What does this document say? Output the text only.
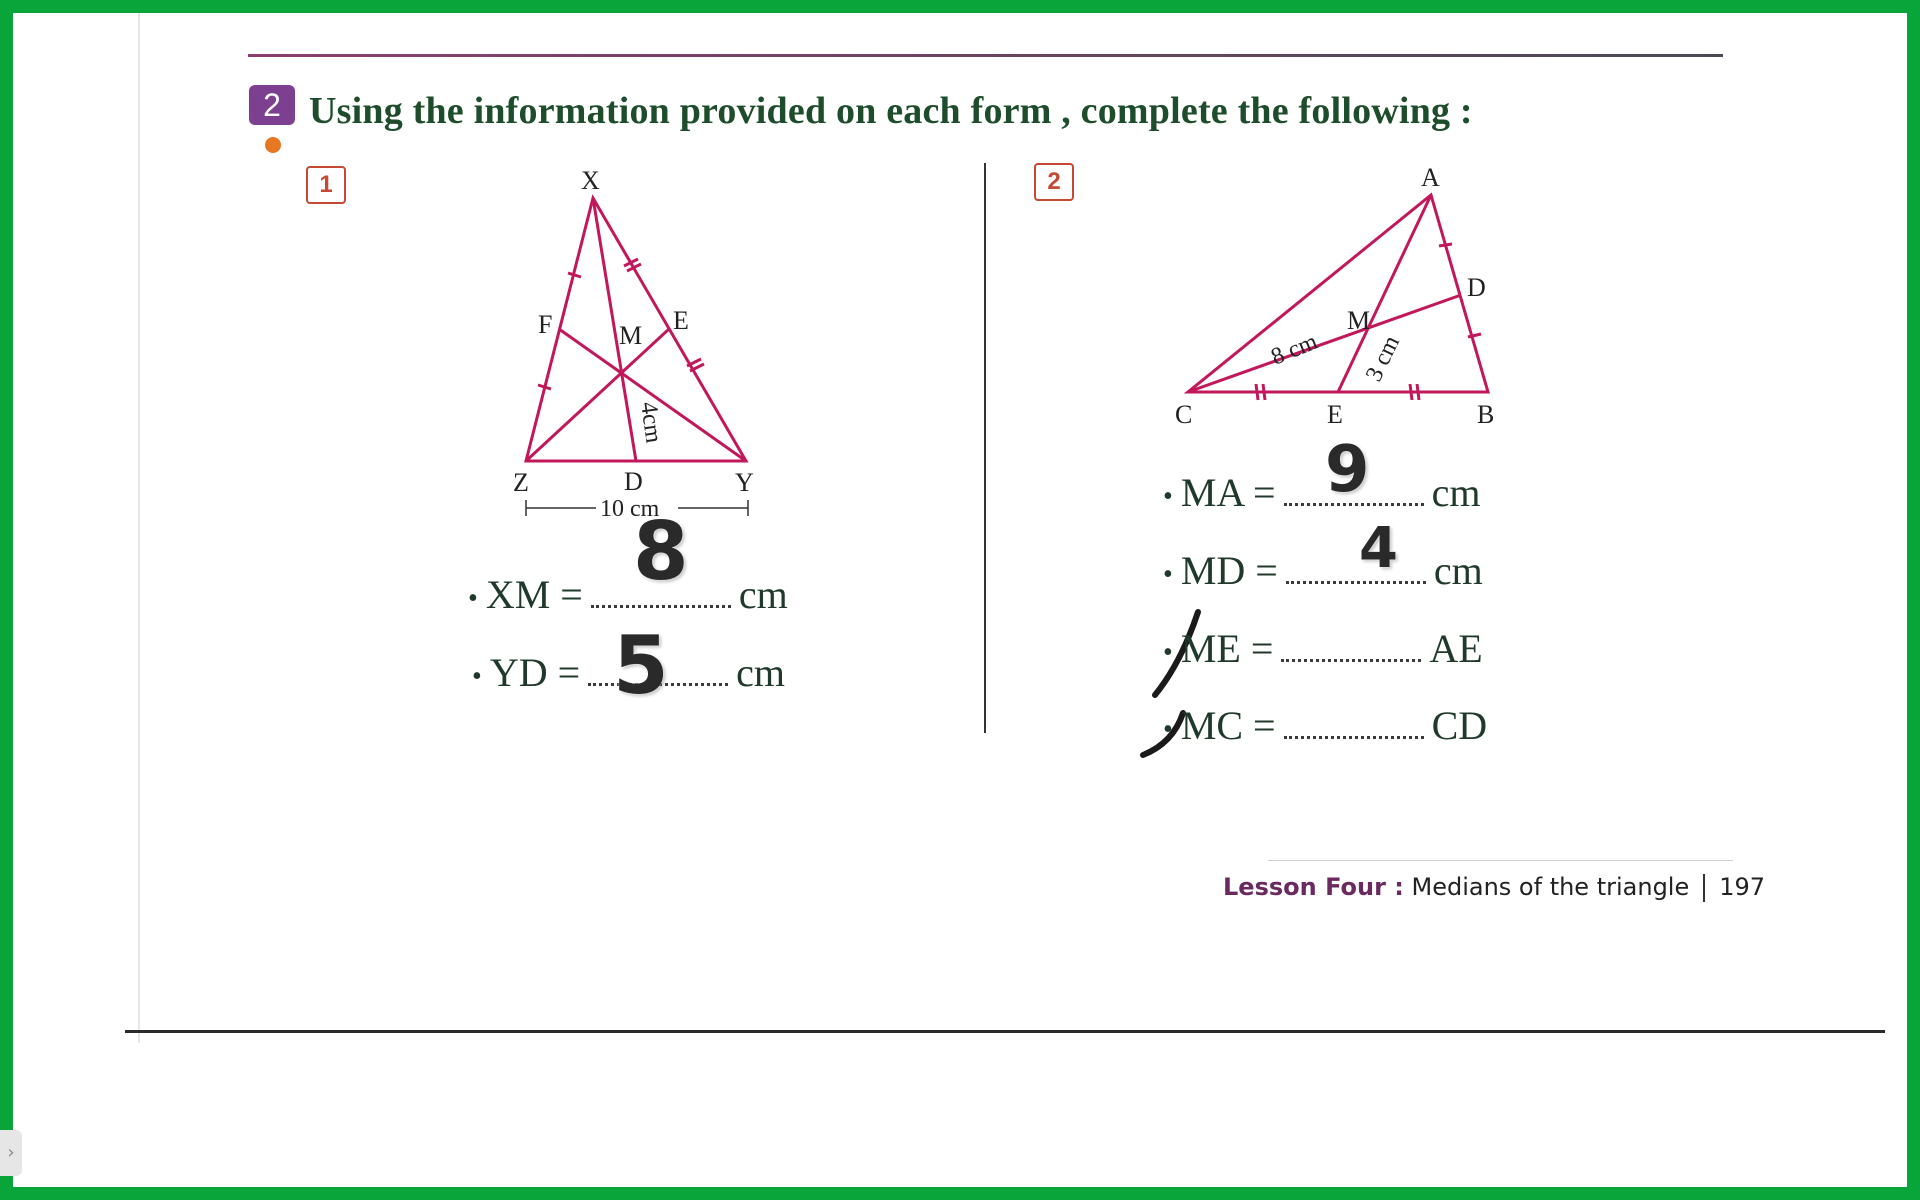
2 Using the information provided on each form , complete the following :
1	X
Y
Z	D
E
F	M
4cm
10 cm
A
B
C
D
E
M
8 cm 3 cm
• XM =	cm
• YD =	cm
8
5
2
• MA =	cm
• MD =	cm
• ME =	AE
• MC =	CD
9
4
Lesson Four : Medians of the triangle 197
›
